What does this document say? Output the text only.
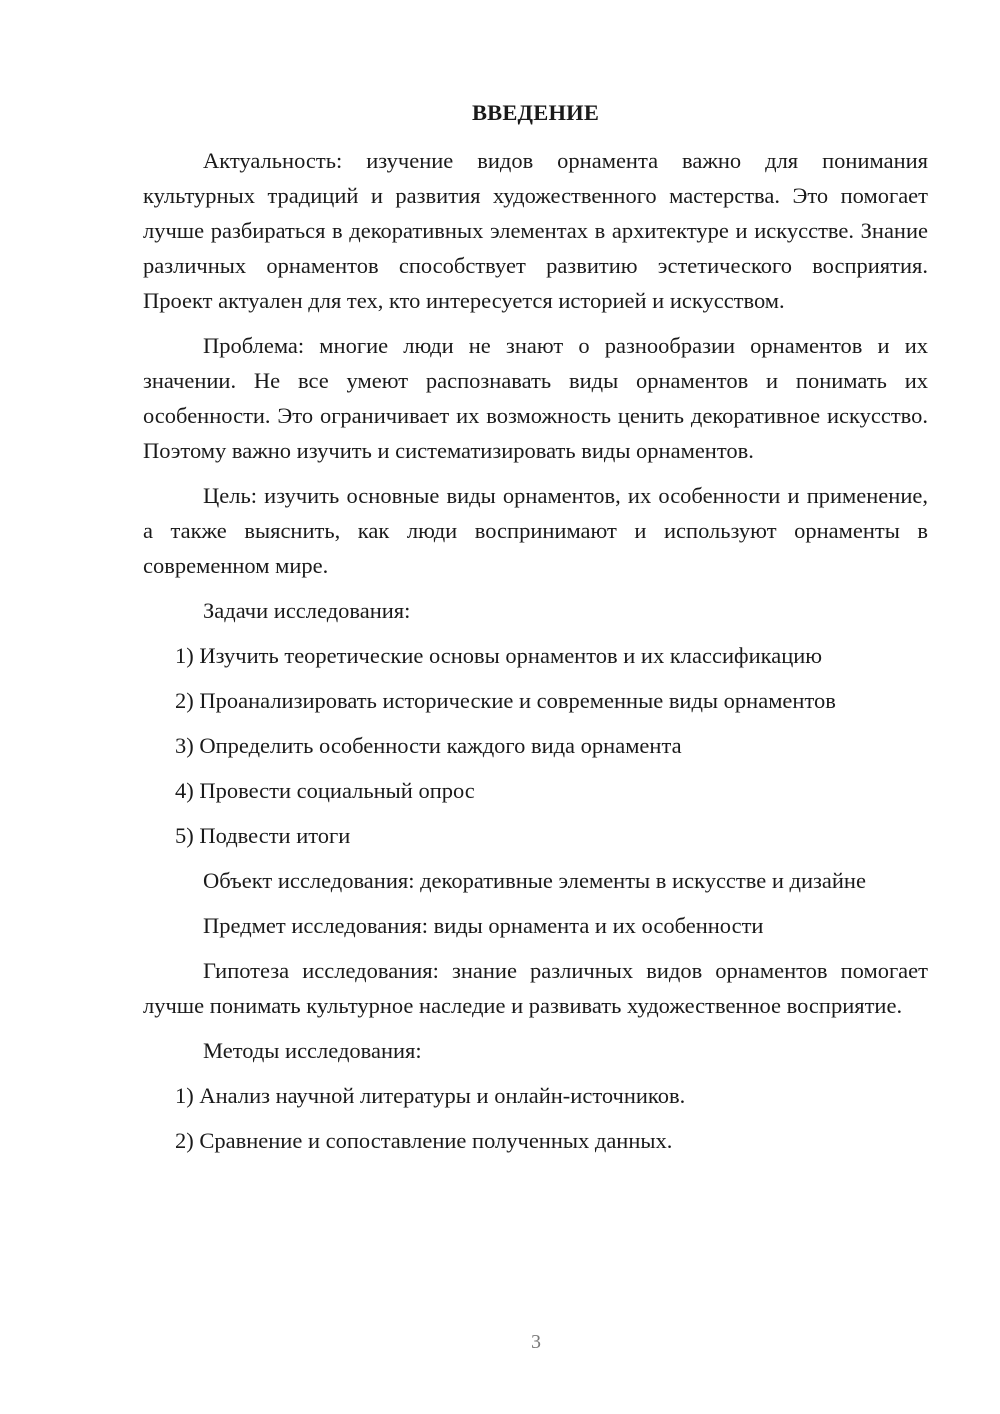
ВВЕДЕНИЕ

Актуальность: изучение видов орнамента важно для понимания культурных традиций и развития художественного мастерства. Это помогает лучше разбираться в декоративных элементах в архитектуре и искусстве. Знание различных орнаментов способствует развитию эстетического восприятия. Проект актуален для тех, кто интересуется историей и искусством.

Проблема: многие люди не знают о разнообразии орнаментов и их значении. Не все умеют распознавать виды орнаментов и понимать их особенности. Это ограничивает их возможность ценить декоративное искусство. Поэтому важно изучить и систематизировать виды орнаментов.

Цель: изучить основные виды орнаментов, их особенности и применение, а также выяснить, как люди воспринимают и используют орнаменты в современном мире.

Задачи исследования:

1) Изучить теоретические основы орнаментов и их классификацию

2) Проанализировать исторические и современные виды орнаментов

3) Определить особенности каждого вида орнамента

4) Провести социальный опрос

5) Подвести итоги

Объект исследования: декоративные элементы в искусстве и дизайне

Предмет исследования: виды орнамента и их особенности

Гипотеза исследования: знание различных видов орнаментов помогает лучше понимать культурное наследие и развивать художественное восприятие.

Методы исследования:

1) Анализ научной литературы и онлайн-источников.

2) Сравнение и сопоставление полученных данных.

3
